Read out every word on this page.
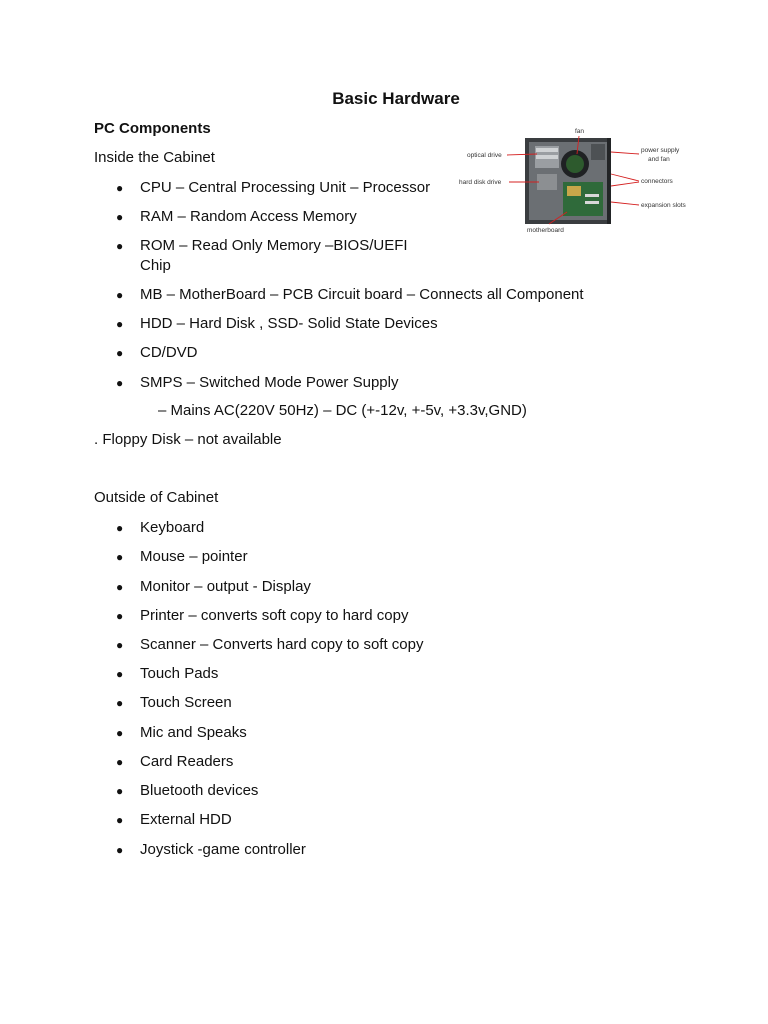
Basic Hardware
PC Components

Inside the Cabinet

● CPU – Central Processing Unit – Processor

● RAM – Random Access Memory

● ROM – Read Only Memory –BIOS/UEFI

Chip

● MB – MotherBoard – PCB Circuit board – Connects all Component

● HDD – Hard Disk , SSD- Solid State Devices

● CD/DVD

● SMPS – Switched Mode Power Supply

– Mains AC(220V 50Hz) – DC (+-12v, +-5v, +3.3v,GND)

. Floppy Disk – not available

Outside of Cabinet

● Keyboard

● Mouse – pointer

● Monitor – output - Display

● Printer – converts soft copy to hard copy

● Scanner – Converts hard copy to soft copy

● Touch Pads

● Touch Screen

● Mic and Speaks

● Card Readers

● Bluetooth devices

● External HDD

● Joystick -game controller

fan
optical drive
hard disk drive
power supply
and fan
connectors
expansion slots
motherboard
